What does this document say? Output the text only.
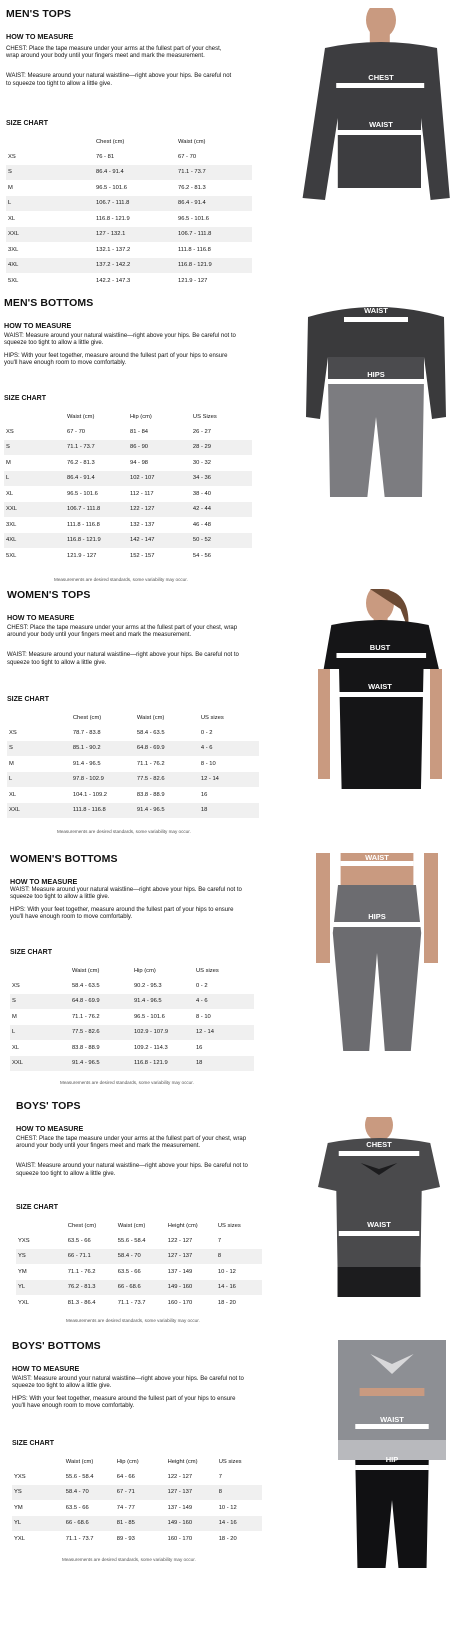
MEN'S TOPS
HOW TO MEASURE
CHEST: Place the tape measure under your arms at the fullest part of your chest, wrap around your body until your fingers meet and mark the measurement.
WAIST: Measure around your natural waistline—right above your hips. Be careful not to squeeze too tight to allow a little give.
SIZE CHART
	Chest (cm)	Waist (cm)
XS	76 - 81	67 - 70
S	86.4 - 91.4	71.1 - 73.7
M	96.5 - 101.6	76.2 - 81.3
L	106.7 - 111.8	86.4 - 91.4
XL	116.8 - 121.9	96.5 - 101.6
XXL	127 - 132.1	106.7 - 111.8
3XL	132.1 - 137.2	111.8 - 116.8
4XL	137.2 - 142.2	116.8 - 121.9
5XL	142.2 - 147.3	121.9 - 127
CHEST
WAIST
MEN'S BOTTOMS
HOW TO MEASURE
WAIST: Measure around your natural waistline—right above your hips. Be careful not to squeeze too tight to allow a little give.
HIPS: With your feet together, measure around the fullest part of your hips to ensure you'll have enough room to move comfortably.
SIZE CHART
	Waist (cm)	Hip (cm)	US Sizes
XS	67 - 70	81 - 84	26 - 27
S	71.1 - 73.7	86 - 90	28 - 29
M	76.2 - 81.3	94 - 98	30 - 32
L	86.4 - 91.4	102 - 107	34 - 36
XL	96.5 - 101.6	112 - 117	38 - 40
XXL	106.7 - 111.8	122 - 127	42 - 44
3XL	111.8 - 116.8	132 - 137	46 - 48
4XL	116.8 - 121.9	142 - 147	50 - 52
5XL	121.9 - 127	152 - 157	54 - 56
Measurements are desired standards, some variability may occur.
WAIST
HIPS
WOMEN'S TOPS
HOW TO MEASURE
CHEST: Place the tape measure under your arms at the fullest part of your chest, wrap around your body until your fingers meet and mark the measurement.
WAIST: Measure around your natural waistline—right above your hips. Be careful not to squeeze too tight to allow a little give.
SIZE CHART
	Chest (cm)	Waist (cm)	US sizes
XS	78.7 - 83.8	58.4 - 63.5	0 - 2
S	85.1 - 90.2	64.8 - 69.9	4 - 6
M	91.4 - 96.5	71.1 - 76.2	8 - 10
L	97.8 - 102.9	77.5 - 82.6	12 - 14
XL	104.1 - 109.2	83.8 - 88.9	16
XXL	111.8 - 116.8	91.4 - 96.5	18
Measurements are desired standards, some variability may occur.
BUST
WAIST
WOMEN'S BOTTOMS
HOW TO MEASURE
WAIST: Measure around your natural waistline—right above your hips. Be careful not to squeeze too tight to allow a little give.
HIPS: With your feet together, measure around the fullest part of your hips to ensure you'll have enough room to move comfortably.
SIZE CHART
	Waist (cm)	Hip (cm)	US sizes
XS	58.4 - 63.5	90.2 - 95.3	0 - 2
S	64.8 - 69.9	91.4 - 96.5	4 - 6
M	71.1 - 76.2	96.5 - 101.6	8 - 10
L	77.5 - 82.6	102.9 - 107.9	12 - 14
XL	83.8 - 88.9	109.2 - 114.3	16
XXL	91.4 - 96.5	116.8 - 121.9	18
Measurements are desired standards, some variability may occur.
WAIST
HIPS
BOYS' TOPS
HOW TO MEASURE
CHEST: Place the tape measure under your arms at the fullest part of your chest, wrap around your body until your fingers meet and mark the measurement.
WAIST: Measure around your natural waistline—right above your hips. Be careful not to squeeze too tight to allow a little give.
SIZE CHART
	Chest (cm)	Waist (cm)	Height (cm)	US sizes
YXS	63.5 - 66	55.6 - 58.4	122 - 127	7
YS	66 - 71.1	58.4 - 70	127 - 137	8
YM	71.1 - 76.2	63.5 - 66	137 - 149	10 - 12
YL	76.2 - 81.3	66 - 68.6	149 - 160	14 - 16
YXL	81.3 - 86.4	71.1 - 73.7	160 - 170	18 - 20
Measurements are desired standards, some variability may occur.
CHEST
WAIST
BOYS' BOTTOMS
HOW TO MEASURE
WAIST: Measure around your natural waistline—right above your hips. Be careful not to squeeze too tight to allow a little give.
HIPS: With your feet together, measure around the fullest part of your hips to ensure you'll have enough room to move comfortably.
SIZE CHART
	Waist (cm)	Hip (cm)	Height (cm)	US sizes
YXS	55.6 - 58.4	64 - 66	122 - 127	7
YS	58.4 - 70	67 - 71	127 - 137	8
YM	63.5 - 66	74 - 77	137 - 149	10 - 12
YL	66 - 68.6	81 - 85	149 - 160	14 - 16
YXL	71.1 - 73.7	89 - 93	160 - 170	18 - 20
Measurements are desired standards, some variability may occur.
WAIST
HIP
